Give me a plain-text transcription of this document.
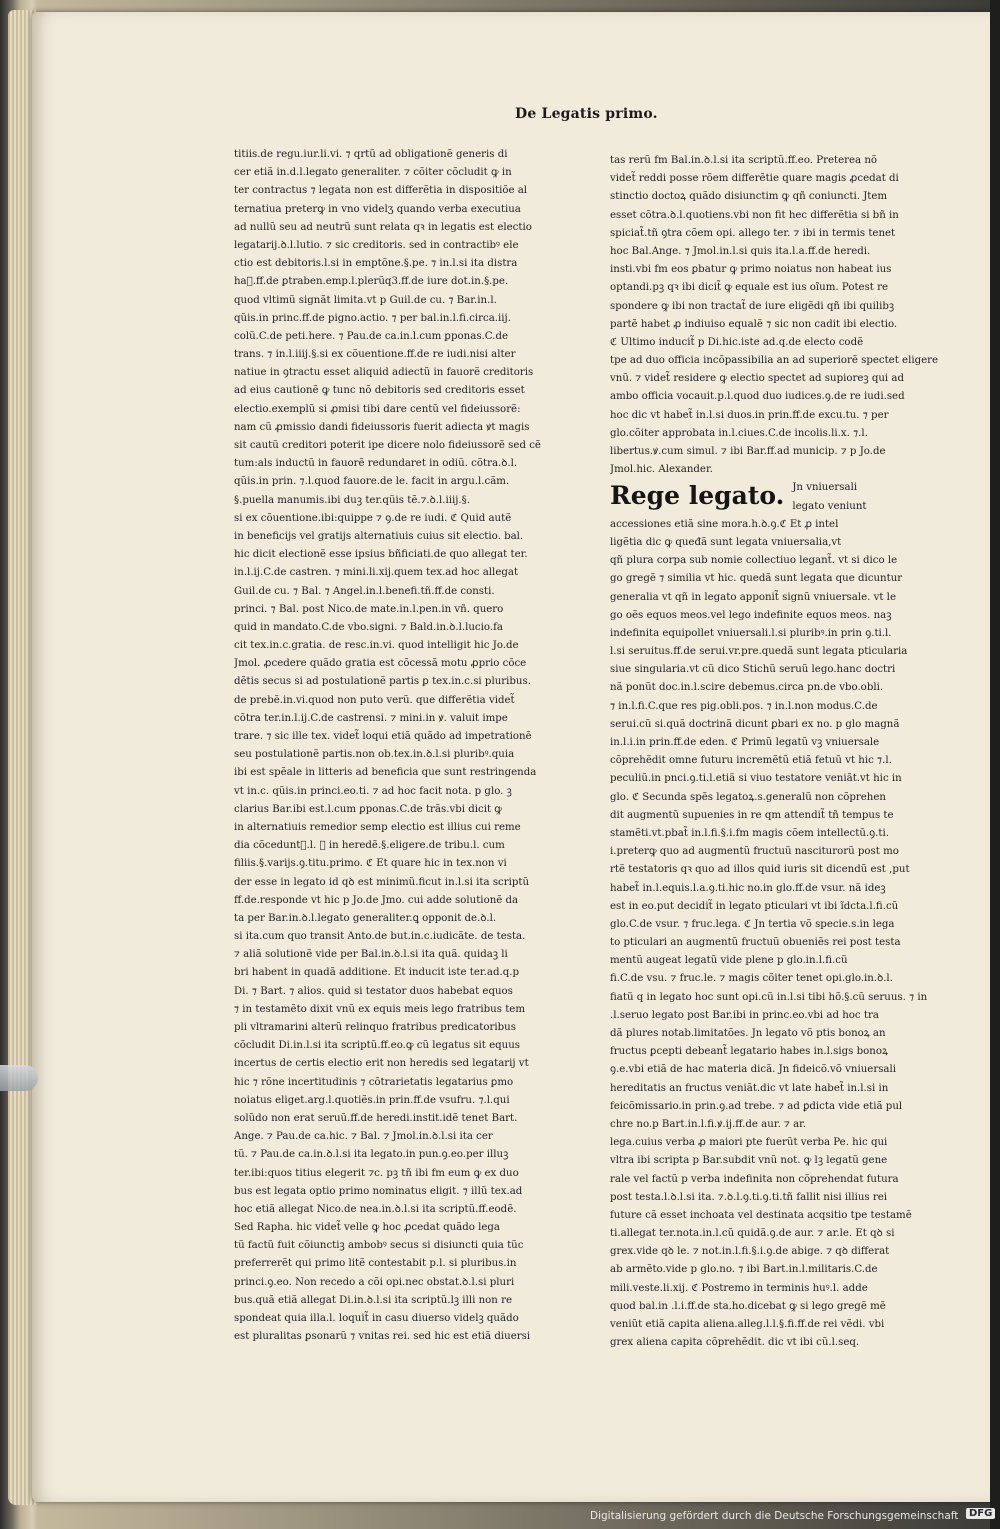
De Legatis primo.
titiis.de regu.iur.li.vi. ⁊ qrtũ ad obligationẽ generis di
cer etiã in.d.l.legato generaliter. ⁊ cõiter cõcludit ꝙ in
ter contractus ⁊ legata non est differẽtia in dispositiõe al
ternatiua preterꝙ in vno videlʒ quando verba executiua
ad nullũ seu ad neutrũ sunt relata qꝛ in legatis est electio
legatarij.ꝺ.l.lutio. ⁊ sic creditoris. sed in contractibꝰ ele
ctio est debitoris.l.si in emptõne.§.pe. ⁊ in.l.si ita distra
haᷓ.ff.de ꝑtraben.emp.l.plerũq3.ff.de iure dot.in.§.pe.
quod vltimũ signãt limita.vt p Guil.de cu. ⁊ Bar.in.l.
qũis.in princ.ff.de pigno.actio. ⁊ per bal.in.l.fi.circa.iij.
colũ.C.de peti.here. ⁊ Pau.de ca.in.l.cum ꝑponas.C.de
trans. ⁊ in.l.iiij.§.si ex cõuentione.ff.de re iudi.nisi alter
natiue in ꝯtractu esset aliquid adiectũ in fauorẽ creditoris
ad eius cautionẽ ꝙ tunc nõ debitoris sed creditoris esset
electio.exemplũ si ꝓmisi tibi dare centũ vel fideiussorẽ:
nam cũ ꝓmissio dandi fideiussoris fuerit adiecta ꝟt magis
sit cautũ creditori poterit ipe dicere nolo fideiussorẽ sed cẽ
tum:als inductũ in fauorẽ redundaret in odiũ. cõtra.ꝺ.l.
qũis.in prin. ⁊.l.quod fauore.de le. facit in argu.l.cãm.
§.puella manumis.ibi duꝫ ter.qũis tẽ.⁊.ꝺ.l.iiij.§.
si ex cõuentione.ibi:quippe ⁊ ꝯ.de re iudi. ℭ Quid autẽ
in beneficijs vel gratijs alternatiuis cuius sit electio. bal.
hic dicit electionẽ esse ipsius bñficiati.de quo allegat ter.
in.l.ij.C.de castren. ⁊ mini.li.xij.quem tex.ad hoc allegat
Guil.de cu. ⁊ Bal. ⁊ Angel.in.l.benefi.tñ.ff.de consti.
princi. ⁊ Bal. post Nico.de mate.in.l.pen.in vñ. quero
quid in mandato.C.de vbo.signi. ⁊ Bald.in.ꝺ.l.lucio.fa
cit tex.in.c.gratia. de resc.in.vi. quod intelligit hic Jo.de
Jmol. ꝓcedere quãdo gratia est cõcessã motu ꝓprio cõce
dẽtis secus si ad postulationẽ partis ꝑ tex.in.c.si pluribus.
de prebẽ.in.vi.quod non puto verũ. que differẽtia videt̃
cõtra ter.in.l.ij.C.de castrensi. ⁊ mini.in ꝟ. valuit impe
trare. ⁊ sic ille tex. videt̃ loqui etiã quãdo ad impetrationẽ
seu postulationẽ partis.non ob.tex.in.ꝺ.l.si pluribꝰ.quia
ibi est spẽale in litteris ad beneficia que sunt restringenda
vt in.c. qũis.in princi.eo.ti. ⁊ ad hoc facit nota. p glo. ꝫ
clarius Bar.ibi est.l.cum ꝑponas.C.de trãs.vbi dicit ꝙ
in alternatiuis remedior semp electio est illius cui reme
dia cõceduntᷓ.l. ꝙ in heredẽ.§.eligere.de tribu.l. cum
filiis.§.varijs.ꝯ.titu.primo. ℭ Et quare hic in tex.non vi
der esse in legato id qꝺ est minimũ.ficut in.l.si ita scriptũ
ff.de.responde vt hic p Jo.de Jmo. cui adde solutionẽ da
ta per Bar.in.ꝺ.l.legato generaliter.ꝗ opponit de.ꝺ.l.
si ita.cum quo transit Anto.de but.in.c.iudicãte. de testa.
⁊ aliã solutionẽ vide per Bal.in.ꝺ.l.si ita quã. quidaꝫ li
bri habent in quadã additione. Et inducit iste ter.ad.q.p
Di. ⁊ Bart. ⁊ alios. quid si testator duos habebat equos
⁊ in testamẽto dixit vnũ ex equis meis lego fratribus tem
pli vltramarini alterũ relinquo fratribus predicatoribus
cõcludit Di.in.l.si ita scriptũ.ff.eo.ꝙ cũ legatus sit equus
incertus de certis electio erit non heredis sed legatarij vt
hic ⁊ rõne incertitudinis ⁊ cõtrarietatis legatarius ꝑmo
noiatus eliget.arg.l.quotiẽs.in prin.ff.de vsufru. ⁊.l.qui
solũdo non erat seruũ.ff.de heredi.instit.idẽ tenet Bart.
Ange. ⁊ Pau.de ca.hic. ⁊ Bal. ⁊ Jmol.in.ꝺ.l.si ita cer
tũ. ⁊ Pau.de ca.in.ꝺ.l.si ita legato.in pun.ꝯ.eo.per illuꝫ
ter.ibi:quos titius elegerit ⁊c. pꝫ tñ ibi fm eum ꝙ ex duo
bus est legata optio primo nominatus eligit. ⁊ illũ tex.ad
hoc etiã allegat Nico.de nea.in.ꝺ.l.si ita scriptũ.ff.eodẽ.
Sed Rapha. hic videt̃ velle ꝙ hoc ꝓcedat quãdo lega
tũ factũ fuit cõiunctiꝫ ambobꝰ secus si disiuncti quia tũc
preferrerẽt qui primo litẽ contestabit p.l. si pluribus.in
princi.ꝯ.eo. Non recedo a cõi opi.nec obstat.ꝺ.l.si pluri
bus.quã etiã allegat Di.in.ꝺ.l.si ita scriptũ.lꝫ illi non re
spondeat quia illa.l. loquit̃ in casu diuerso videlꝫ quãdo
est pluralitas ꝑsonarũ ⁊ vnitas rei. sed hic est etiã diuersi
tas rerũ fm Bal.in.ꝺ.l.si ita scriptũ.ff.eo. Preterea nõ
videt̃ reddi posse rõem differẽtie quare magis ꝓcedat di
stinctio doctoꝝ quãdo disiunctim ꝙ qñ coniuncti. Jtem
esset cõtra.ꝺ.l.quotiens.vbi non fit hec differẽtia si bñ in
spiciat̃.tñ ꝯtra cõem opi. allego ter. ⁊ ibi in termis tenet
hoc Bal.Ange. ⁊ Jmol.in.l.si quis ita.l.a.ff.de heredi.
insti.vbi fm eos ꝑbatur ꝙ primo noiatus non habeat ius
optandi.pꝫ qꝛ ibi dicit̃ ꝙ equale est ius oĩum. Potest re
spondere ꝙ ibi non tractat̃ de iure eligẽdi qñ ibi quilibꝫ
partẽ habet ꝓ indiuiso equalẽ ⁊ sic non cadit ibi electio.
ℭ Ultimo inducit̃ p Di.hic.iste ad.q.de electo codẽ
tpe ad duo officia incõpassibilia an ad superiorẽ spectet eligere
vnũ. ⁊ videt̃ residere ꝙ electio spectet ad supioreꝫ qui ad
ambo officia vocauit.p.l.quod duo iudices.ꝯ.de re iudi.sed
hoc dic vt habet̃ in.l.si duos.in prin.ff.de excu.tu. ⁊ per
glo.cõiter approbata in.l.ciues.C.de incolis.li.x. ⁊.l.
libertus.ꝟ.cum simul. ⁊ ibi Bar.ff.ad municip. ⁊ p Jo.de
Jmol.hic. Alexander.
Rege legato. Jn vniuersali
legato veniunt
accessiones etiã sine mora.h.ꝺ.ꝯ.ℭ Et ꝓ intel
ligẽtia dic ꝙ queđã sunt legata vniuersalia,vt
qñ plura corpa sub nomie collectiuo legant̃. vt si dico le
go gregẽ ⁊ similia vt hic. quedã sunt legata que dicuntur
generalia vt qñ in legato apponit̃ signũ vniuersale. vt le
go oẽs equos meos.vel lego indefinite equos meos. naꝫ
indefinita equipollet vniuersali.l.si pluribꝰ.in prin ꝯ.ti.l.
l.si seruitus.ff.de serui.vr.pre.quedã sunt legata pticularia
siue singularia.vt cũ dico Stichũ seruũ lego.hanc doctri
nã ponũt doc.in.l.scire debemus.circa pn.de vbo.obli.
⁊ in.l.fi.C.que res pig.obli.pos. ⁊ in.l.non modus.C.de
serui.cũ si.quã doctrinã dicunt ꝑbari ex no. p glo magnã
in.l.i.in prin.ff.de eden. ℭ Primũ legatũ vꝫ vniuersale
cõprehẽdit omne futuru incremẽtũ etiã fetuũ vt hic ⁊.l.
peculiũ.in pnci.ꝯ.ti.l.etiã si viuo testatore veniãt.vt hic in
glo. ℭ Secunda spẽs legatoꝝ.s.generalũ non cõprehen
dit augmentũ supuenies in re qm attendit̃ tñ tempus te
stamẽti.vt.pbat̃ in.l.fi.§.i.fm magis cõem intellectũ.ꝯ.ti.
i.preterꝙ quo ad augmentũ fructuũ nasciturorũ post mo
rtẽ testatoris qꝛ quo ad illos quid iuris sit dicendũ est ,put
habet̃ in.l.equis.l.a.ꝯ.ti.hic no.in glo.ff.de vsur. nã ideꝫ
est in eo.put decidit̃ in legato pticulari vt ibi ĩdcta.l.fi.cũ
glo.C.de vsur. ⁊ fruc.lega. ℭ Jn tertia võ specie.s.in lega
to pticulari an augmentũ fructuũ obueniẽs rei post testa
mentũ augeat legatũ vide plene p glo.in.l.fi.cũ
fi.C.de vsu. ⁊ fruc.le. ⁊ magis cõiter tenet opi.glo.in.ꝺ.l.
fiatũ q in legato hoc sunt opi.cũ in.l.si tibi hõ.§.cũ seruus. ⁊ in
.l.seruo legato post Bar.ibi in princ.eo.vbi ad hoc tra
dã plures notab.limitatões. Jn legato võ ptis bonoꝝ an
fructus ꝑcepti debeant̃ legatario habes in.l.sigs bonoꝝ
ꝯ.e.vbi etiã de hac materia dicã. Jn fideicõ.võ vniuersali
hereditatis an fructus veniãt.dic vt late habet̃ in.l.si in
feicõmissario.in prin.ꝯ.ad trebe. ⁊ ad ꝑdicta vide etiã pul
chre no.p Bart.in.l.fi.ꝟ.ij.ff.de aur. ⁊ ar.
lega.cuius verba ꝓ maiori pte fuerũt verba Pe. hic qui
vltra ibi scripta p Bar.subdit vnũ not. ꝙ lꝫ legatũ gene
rale vel factũ p verba indefinita non cõprehendat futura
post testa.l.ꝺ.l.si ita. ⁊.ꝺ.l.ꝯ.ti.ꝯ.ti.tñ fallit nisi illius rei
future cã esset inchoata vel destinata acqsitio tpe testamẽ
ti.allegat ter.nota.in.l.cũ quidã.ꝯ.de aur. ⁊ ar.le. Et qꝺ si
grex.vide qꝺ le. ⁊ not.in.l.fi.§.i.ꝯ.de abige. ⁊ qꝺ differat
ab armẽto.vide p glo.no. ⁊ ibi Bart.in.l.militaris.C.de
mili.veste.li.xij. ℭ Postremo in terminis huꝰ.l. adde
quod bal.in .l.i.ff.de sta.ho.dicebat ꝙ si lego gregẽ mẽ
veniũt etiã capita aliena.alleg.l.l.§.fi.ff.de rei vẽdi. vbi
grex aliena capita cõprehẽdit. dic vt ibi cũ.l.seq.
Digitalisierung gefördert durch die Deutsche Forschungsgemeinschaft	DFG
